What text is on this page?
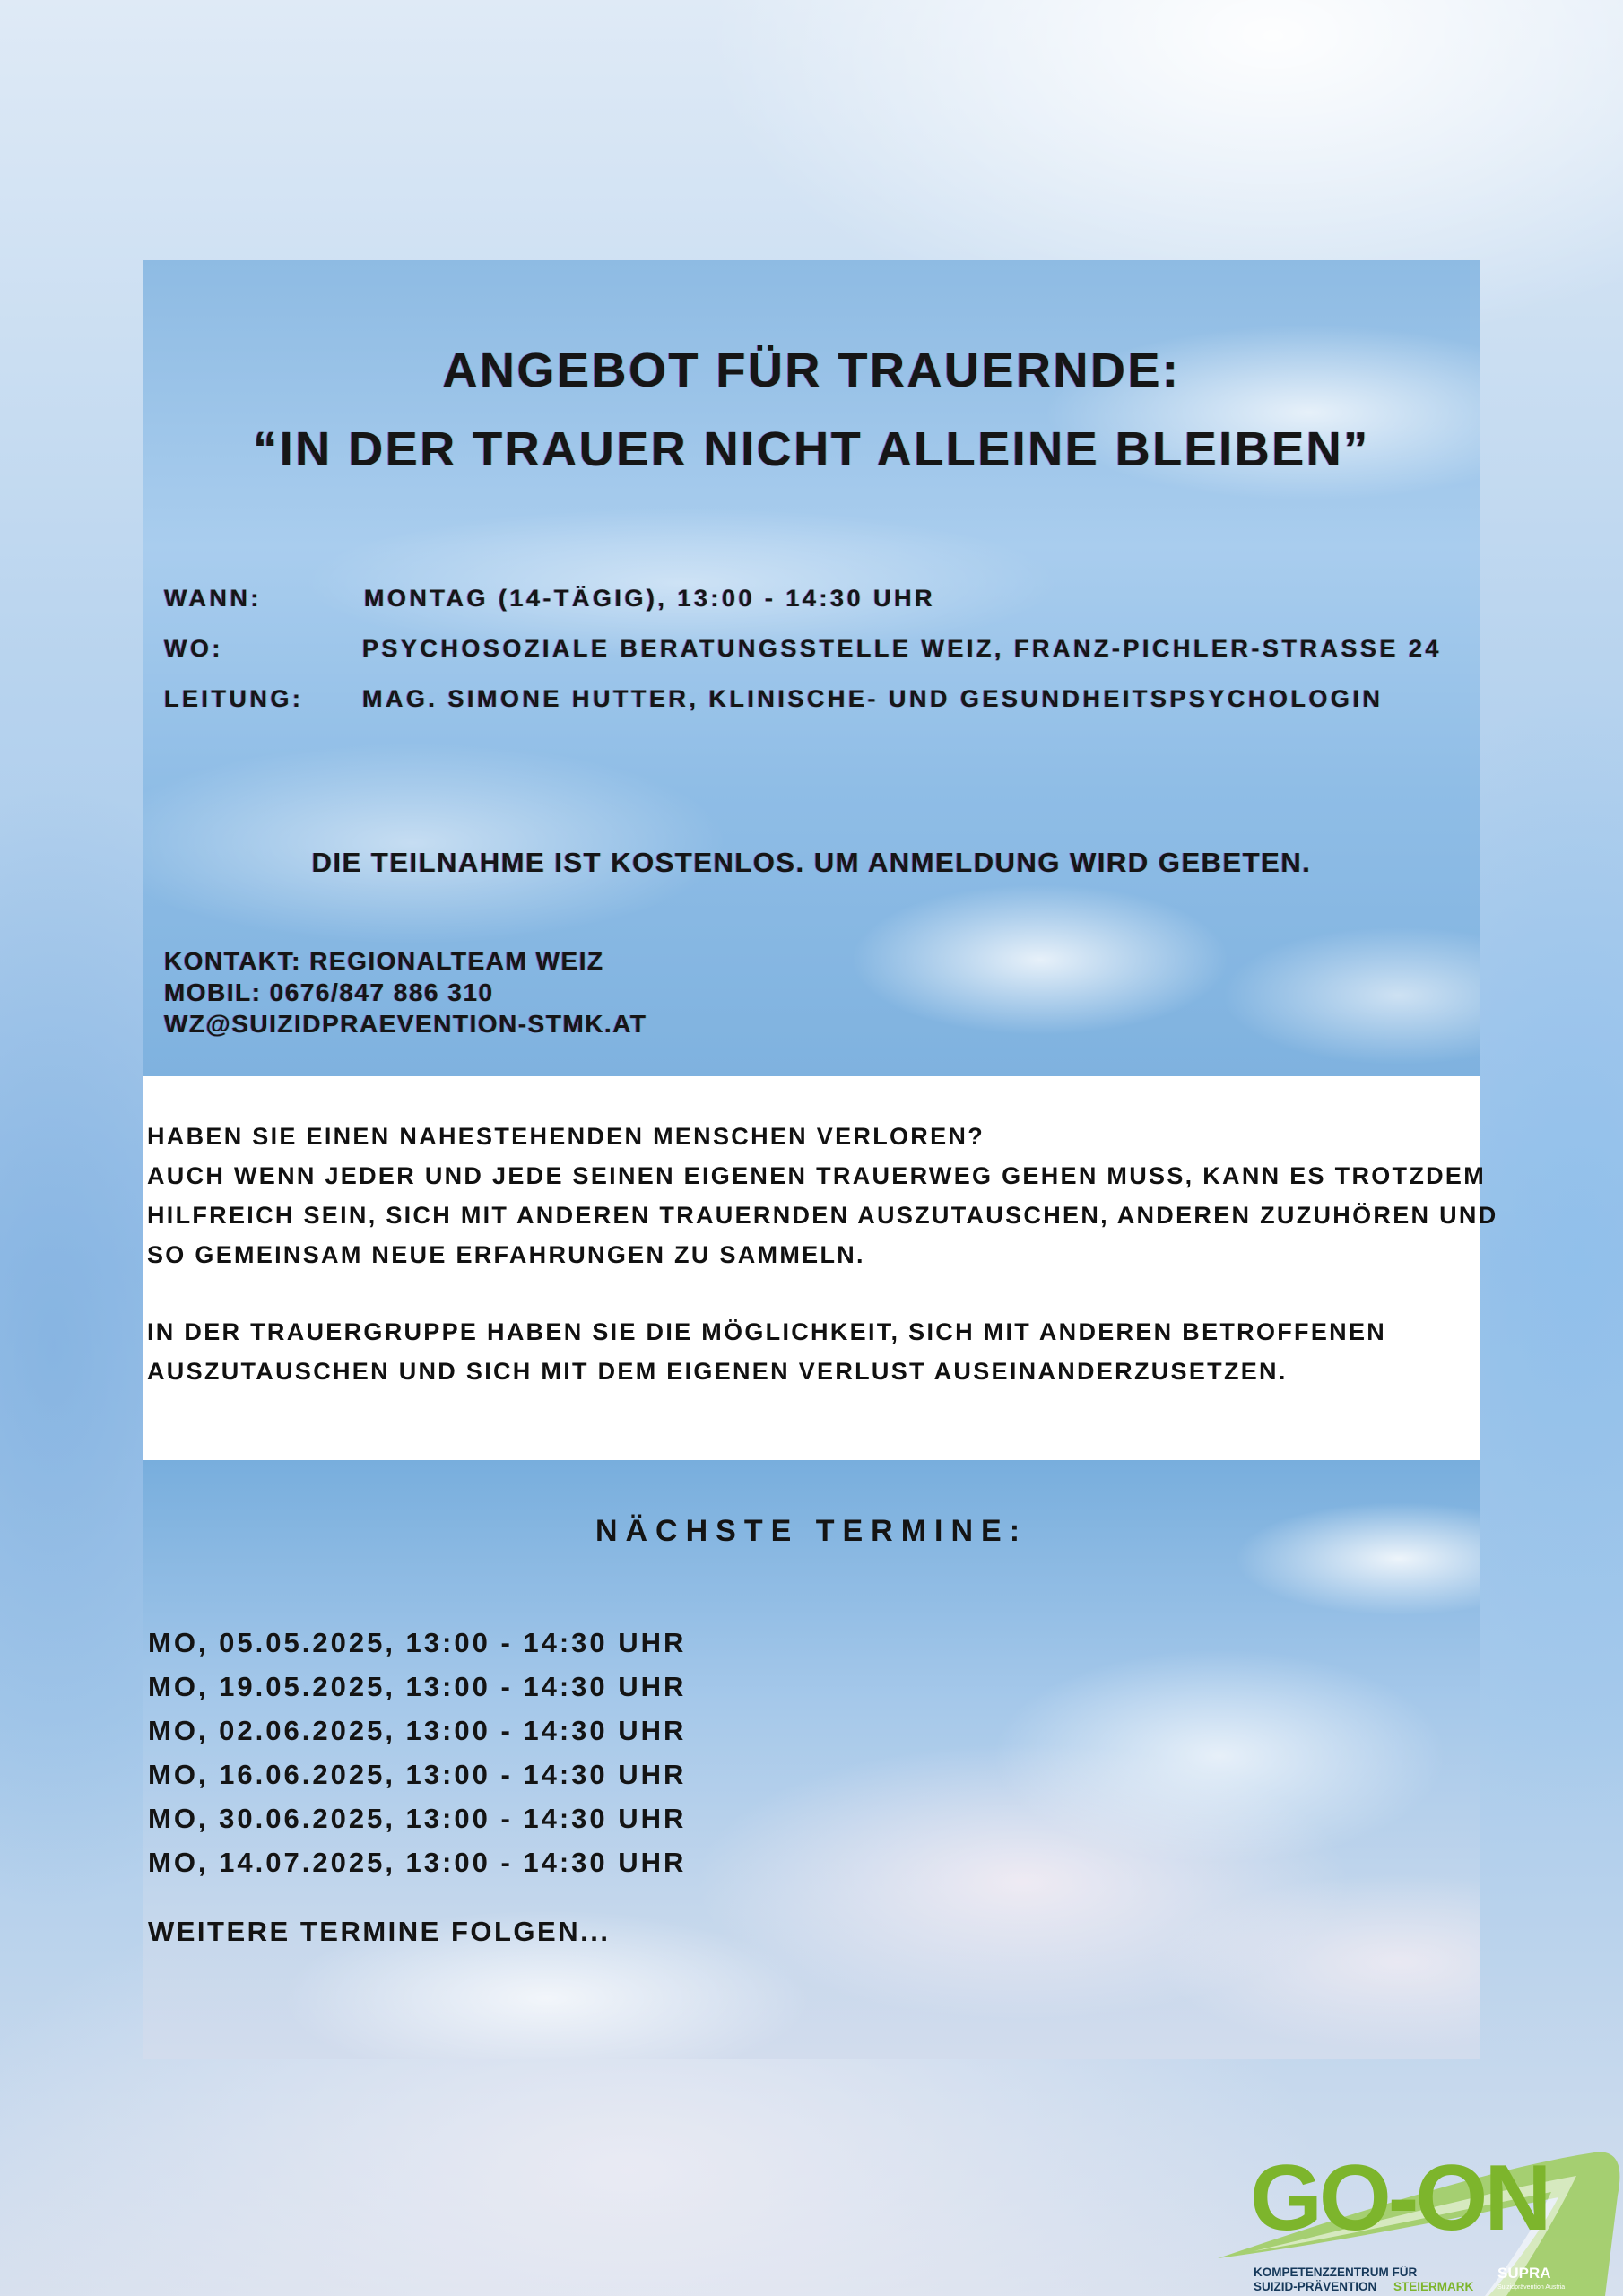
ANGEBOT FÜR TRAUERNDE:
“IN DER TRAUER NICHT ALLEINE BLEIBEN”
WANN:	MONTAG (14-TÄGIG), 13:00 - 14:30 UHR
WO:	PSYCHOSOZIALE BERATUNGSSTELLE WEIZ, FRANZ-PICHLER-STRASSE 24
LEITUNG: MAG. SIMONE HUTTER, KLINISCHE- UND GESUNDHEITSPSYCHOLOGIN
DIE TEILNAHME IST KOSTENLOS. UM ANMELDUNG WIRD GEBETEN.
KONTAKT: REGIONALTEAM WEIZ
MOBIL: 0676/847 886 310
WZ@SUIZIDPRAEVENTION-STMK.AT
HABEN SIE EINEN NAHESTEHENDEN MENSCHEN VERLOREN?
AUCH WENN JEDER UND JEDE SEINEN EIGENEN TRAUERWEG GEHEN MUSS, KANN ES TROTZDEM
HILFREICH SEIN, SICH MIT ANDEREN TRAUERNDEN AUSZUTAUSCHEN, ANDEREN ZUZUHÖREN UND
SO GEMEINSAM NEUE ERFAHRUNGEN ZU SAMMELN.
IN DER TRAUERGRUPPE HABEN SIE DIE MÖGLICHKEIT, SICH MIT ANDEREN BETROFFENEN
AUSZUTAUSCHEN UND SICH MIT DEM EIGENEN VERLUST AUSEINANDERZUSETZEN.
NÄCHSTE TERMINE:
MO, 05.05.2025, 13:00 - 14:30 UHR
MO, 19.05.2025, 13:00 - 14:30 UHR
MO, 02.06.2025, 13:00 - 14:30 UHR
MO, 16.06.2025, 13:00 - 14:30 UHR
MO, 30.06.2025, 13:00 - 14:30 UHR
MO, 14.07.2025, 13:00 - 14:30 UHR
WEITERE TERMINE FOLGEN...
GO-ON
KOMPETENZZENTRUM FÜR
SUIZID-PRÄVENTION STEIERMARK
SUPRA
Suizidprävention Austria
